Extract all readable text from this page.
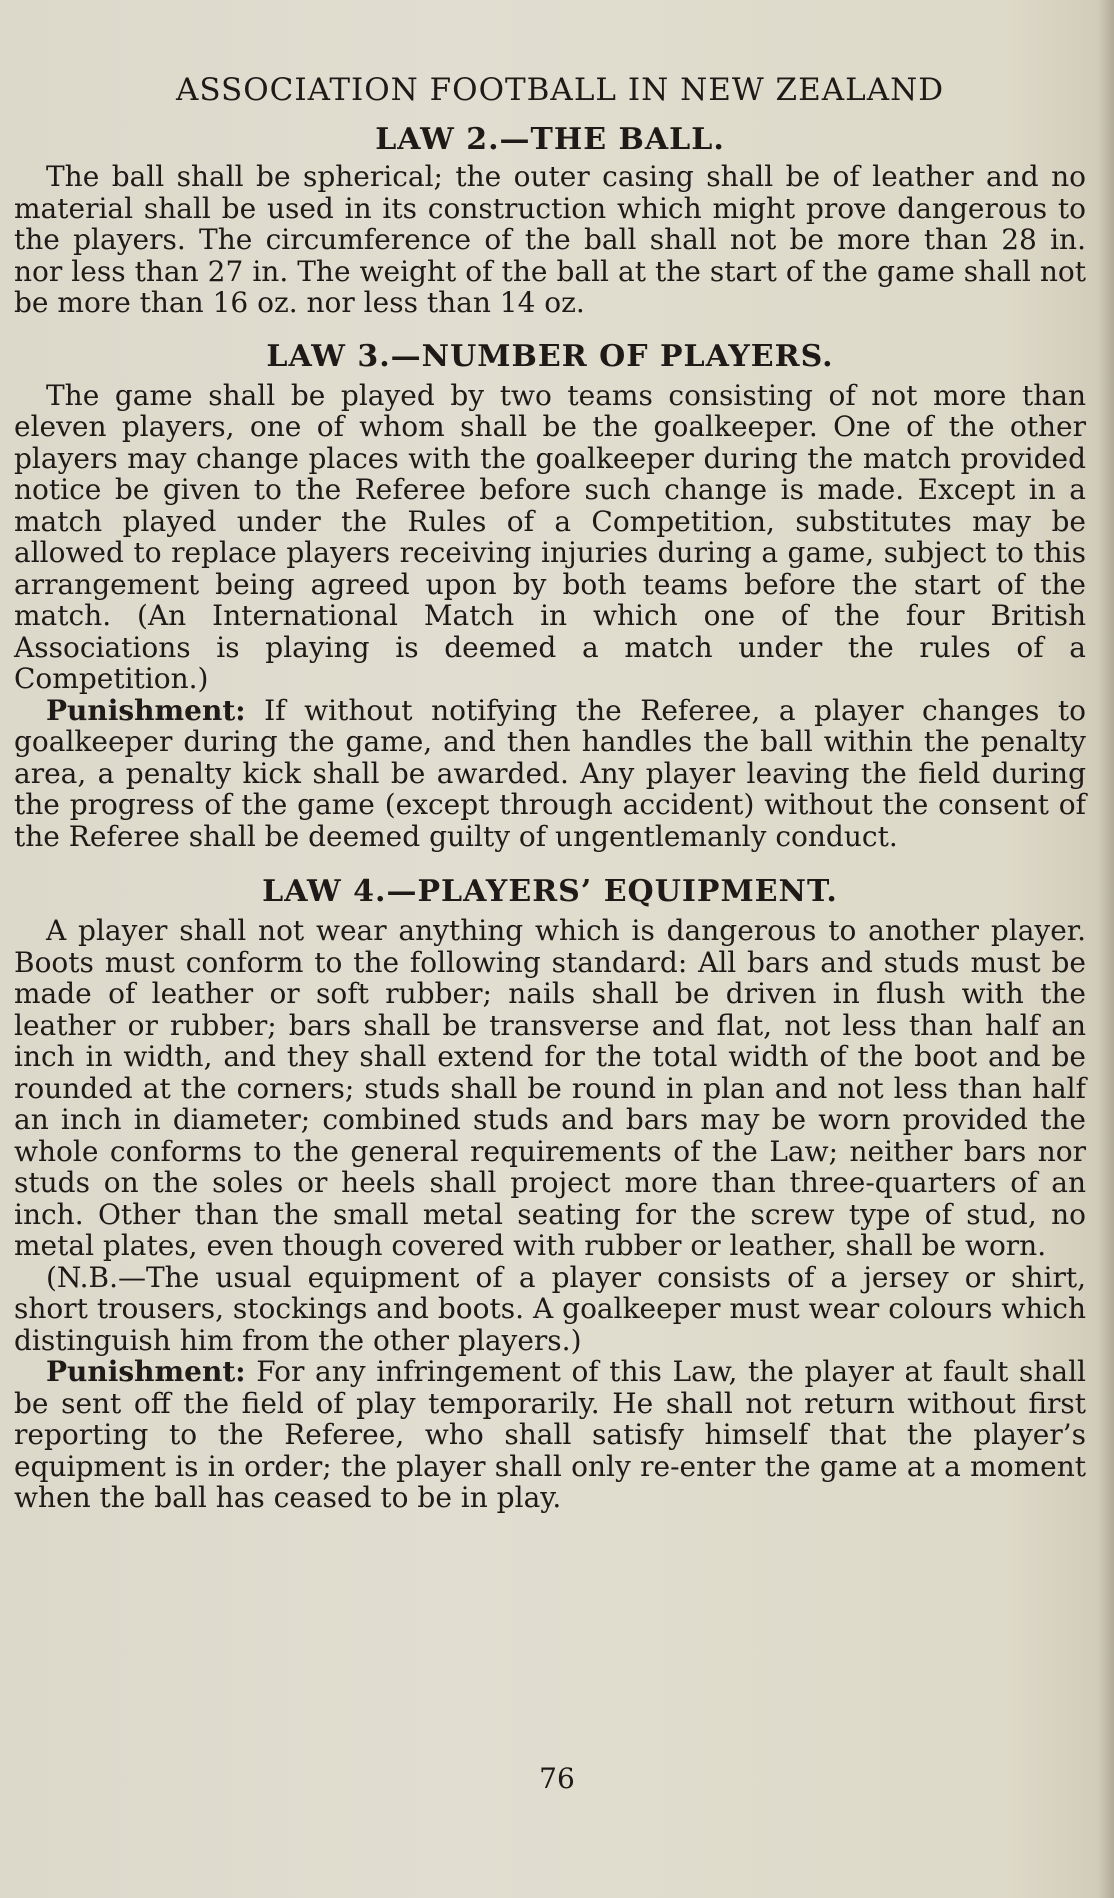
ASSOCIATION FOOTBALL IN NEW ZEALAND
LAW 2.—THE BALL.

The ball shall be spherical; the outer casing shall be of leather and no material shall be used in its construction which might prove dangerous to the players. The circumference of the ball shall not be more than 28 in. nor less than 27 in. The weight of the ball at the start of the game shall not be more than 16 oz. nor less than 14 oz.

LAW 3.—NUMBER OF PLAYERS.

The game shall be played by two teams consisting of not more than eleven players, one of whom shall be the goalkeeper. One of the other players may change places with the goalkeeper during the match provided notice be given to the Referee before such change is made. Except in a match played under the Rules of a Competition, substitutes may be allowed to replace players receiving injuries during a game, subject to this arrangement being agreed upon by both teams before the start of the match. (An International Match in which one of the four British Associations is playing is deemed a match under the rules of a Competition.)

Punishment: If without notifying the Referee, a player changes to goalkeeper during the game, and then handles the ball within the penalty area, a penalty kick shall be awarded. Any player leaving the field during the progress of the game (except through accident) without the consent of the Referee shall be deemed guilty of ungentlemanly conduct.

LAW 4.—PLAYERS’ EQUIPMENT.

A player shall not wear anything which is dangerous to another player. Boots must conform to the following standard: All bars and studs must be made of leather or soft rubber; nails shall be driven in flush with the leather or rubber; bars shall be transverse and flat, not less than half an inch in width, and they shall extend for the total width of the boot and be rounded at the corners; studs shall be round in plan and not less than half an inch in diameter; combined studs and bars may be worn provided the whole conforms to the general requirements of the Law; neither bars nor studs on the soles or heels shall project more than three-quarters of an inch. Other than the small metal seating for the screw type of stud, no metal plates, even though covered with rubber or leather, shall be worn.

(N.B.—The usual equipment of a player consists of a jersey or shirt, short trousers, stockings and boots. A goalkeeper must wear colours which distinguish him from the other players.)

Punishment: For any infringement of this Law, the player at fault shall be sent off the field of play temporarily. He shall not return without first reporting to the Referee, who shall satisfy himself that the player’s equipment is in order; the player shall only re-enter the game at a moment when the ball has ceased to be in play.

76
